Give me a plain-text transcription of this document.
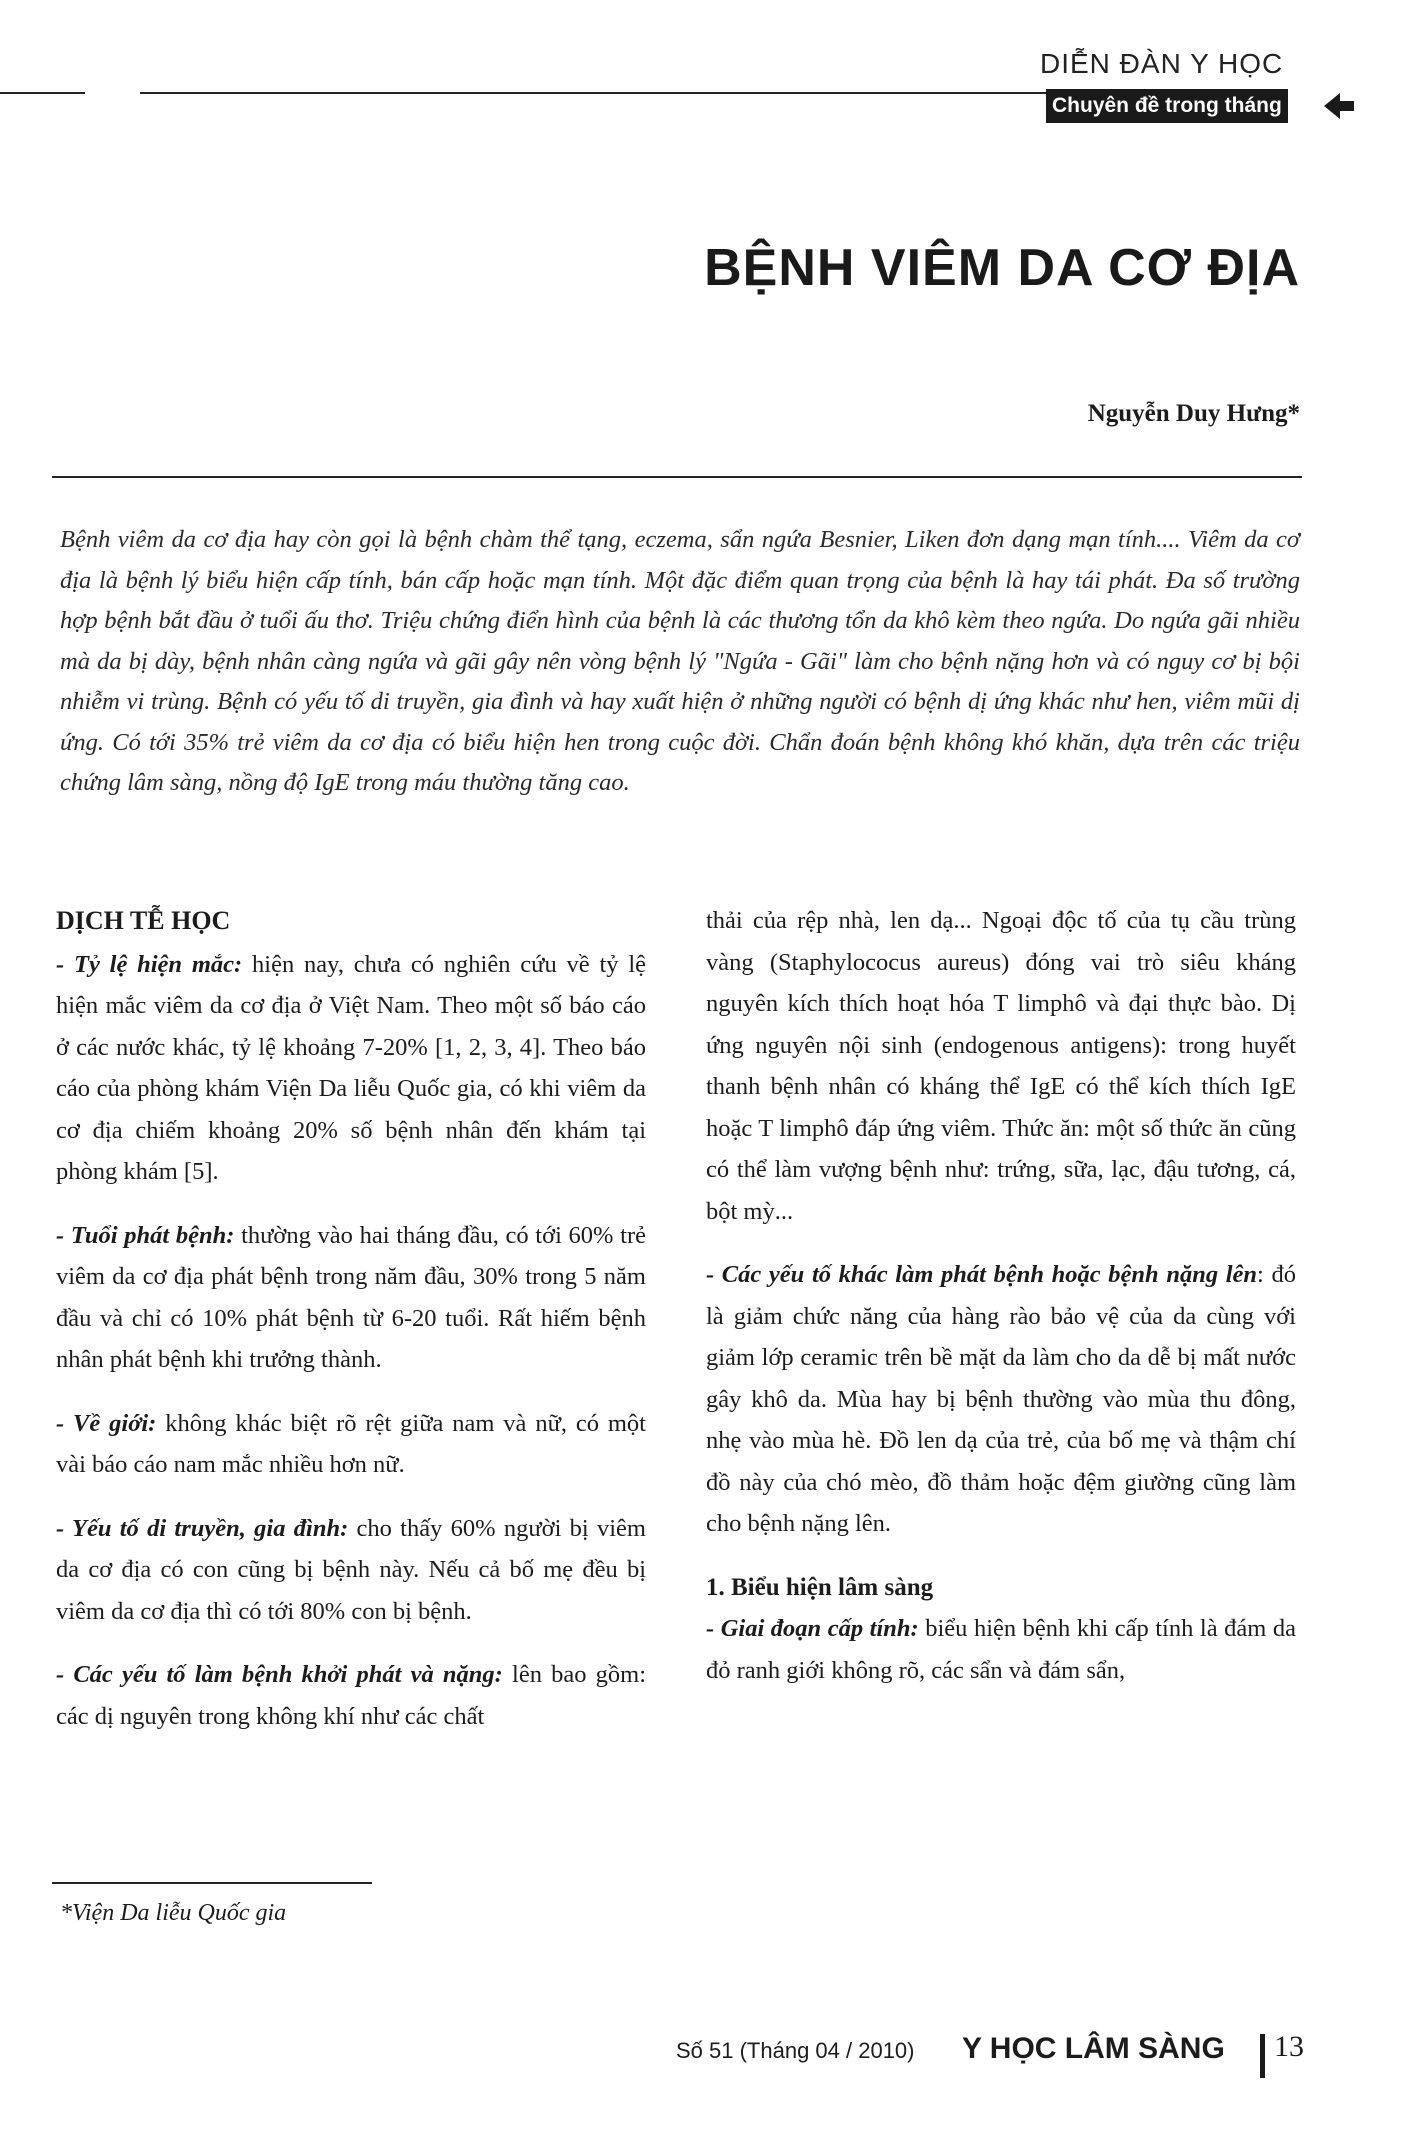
DIỄN ĐÀN Y HỌC
Chuyên đề trong tháng
BỆNH VIÊM DA CƠ ĐỊA
Nguyễn Duy Hưng*
Bệnh viêm da cơ địa hay còn gọi là bệnh chàm thể tạng, eczema, sẩn ngứa Besnier, Liken đơn dạng mạn tính.... Viêm da cơ địa là bệnh lý biểu hiện cấp tính, bán cấp hoặc mạn tính. Một đặc điểm quan trọng của bệnh là hay tái phát. Đa số trường hợp bệnh bắt đầu ở tuổi ấu thơ. Triệu chứng điển hình của bệnh là các thương tổn da khô kèm theo ngứa. Do ngứa gãi nhiều mà da bị dày, bệnh nhân càng ngứa và gãi gây nên vòng bệnh lý "Ngứa - Gãi" làm cho bệnh nặng hơn và có nguy cơ bị bội nhiễm vi trùng. Bệnh có yếu tố di truyền, gia đình và hay xuất hiện ở những người có bệnh dị ứng khác như hen, viêm mũi dị ứng. Có tới 35% trẻ viêm da cơ địa có biểu hiện hen trong cuộc đời. Chẩn đoán bệnh không khó khăn, dựa trên các triệu chứng lâm sàng, nồng độ IgE trong máu thường tăng cao.
DỊCH TỄ HỌC

- Tỷ lệ hiện mắc: hiện nay, chưa có nghiên cứu về tỷ lệ hiện mắc viêm da cơ địa ở Việt Nam. Theo một số báo cáo ở các nước khác, tỷ lệ khoảng 7-20% [1, 2, 3, 4]. Theo báo cáo của phòng khám Viện Da liễu Quốc gia, có khi viêm da cơ địa chiếm khoảng 20% số bệnh nhân đến khám tại phòng khám [5].

- Tuổi phát bệnh: thường vào hai tháng đầu, có tới 60% trẻ viêm da cơ địa phát bệnh trong năm đầu, 30% trong 5 năm đầu và chỉ có 10% phát bệnh từ 6-20 tuổi. Rất hiếm bệnh nhân phát bệnh khi trưởng thành.

- Về giới: không khác biệt rõ rệt giữa nam và nữ, có một vài báo cáo nam mắc nhiều hơn nữ.

- Yếu tố di truyền, gia đình: cho thấy 60% người bị viêm da cơ địa có con cũng bị bệnh này. Nếu cả bố mẹ đều bị viêm da cơ địa thì có tới 80% con bị bệnh.

- Các yếu tố làm bệnh khởi phát và nặng: lên bao gồm: các dị nguyên trong không khí như các chất

thải của rệp nhà, len dạ... Ngoại độc tố của tụ cầu trùng vàng (Staphylococus aureus) đóng vai trò siêu kháng nguyên kích thích hoạt hóa T limphô và đại thực bào. Dị ứng nguyên nội sinh (endogenous antigens): trong huyết thanh bệnh nhân có kháng thể IgE có thể kích thích IgE hoặc T limphô đáp ứng viêm. Thức ăn: một số thức ăn cũng có thể làm vượng bệnh như: trứng, sữa, lạc, đậu tương, cá, bột mỳ...

- Các yếu tố khác làm phát bệnh hoặc bệnh nặng lên: đó là giảm chức năng của hàng rào bảo vệ của da cùng với giảm lớp ceramic trên bề mặt da làm cho da dễ bị mất nước gây khô da. Mùa hay bị bệnh thường vào mùa thu đông, nhẹ vào mùa hè. Đồ len dạ của trẻ, của bố mẹ và thậm chí đồ này của chó mèo, đồ thảm hoặc đệm giường cũng làm cho bệnh nặng lên.

1. Biểu hiện lâm sàng

- Giai đoạn cấp tính: biểu hiện bệnh khi cấp tính là đám da đỏ ranh giới không rõ, các sẩn và đám sẩn,

*Viện Da liễu Quốc gia
Số 51 (Tháng 04 / 2010) Y HỌC LÂM SÀNG 13
